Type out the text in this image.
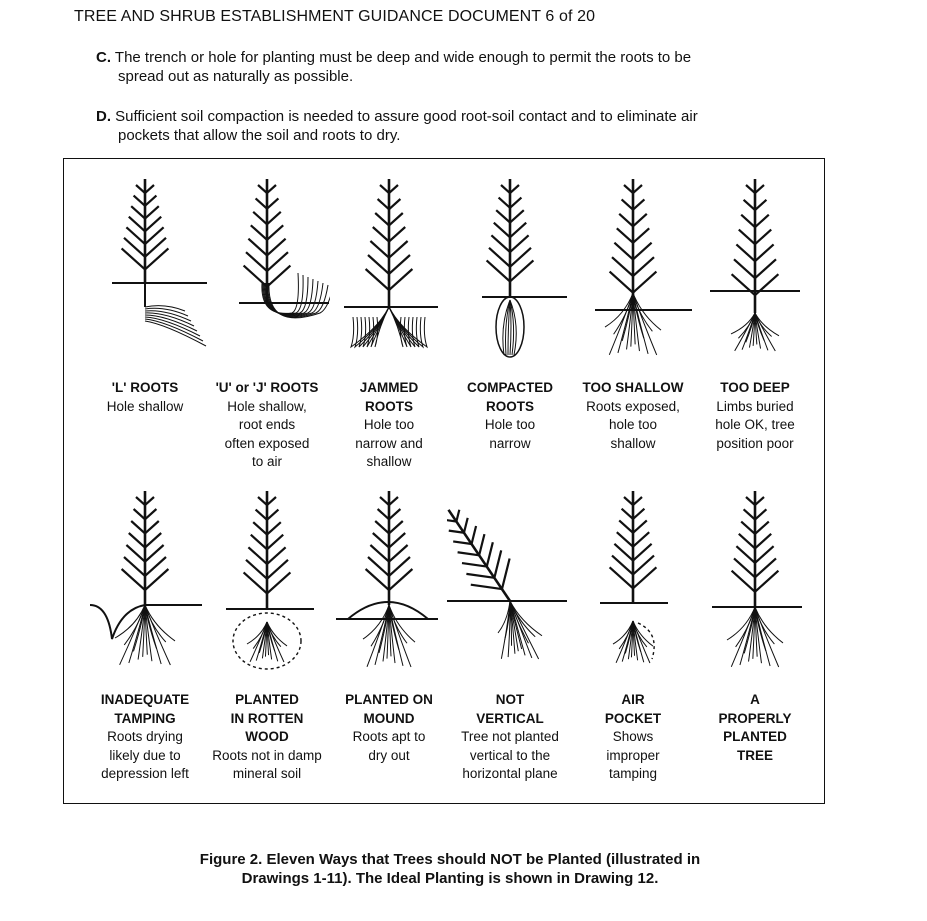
TREE AND SHRUB ESTABLISHMENT GUIDANCE DOCUMENT 6 of 20
C. The trench or hole for planting must be deep and wide enough to permit the roots to be
spread out as naturally as possible.
D. Sufficient soil compaction is needed to assure good root-soil contact and to eliminate air
pockets that allow the soil and roots to dry.
'L' ROOTS
Hole shallow
'U' or 'J' ROOTS
Hole shallow,
root ends
often exposed
to air
JAMMED
ROOTS
Hole too
narrow and
shallow
COMPACTED
ROOTS
Hole too
narrow
TOO SHALLOW
Roots exposed,
hole too
shallow
TOO DEEP
Limbs buried
hole OK, tree
position poor
INADEQUATE
TAMPING
Roots drying
likely due to
depression left
PLANTED
IN ROTTEN
WOOD
Roots not in damp
mineral soil
PLANTED ON
MOUND
Roots apt to
dry out
NOT
VERTICAL
Tree not planted
vertical to the
horizontal plane
AIR
POCKET
Shows
improper
tamping
A
PROPERLY
PLANTED
TREE
Figure 2. Eleven Ways that Trees should NOT be Planted (illustrated in
Drawings 1-11). The Ideal Planting is shown in Drawing 12.
